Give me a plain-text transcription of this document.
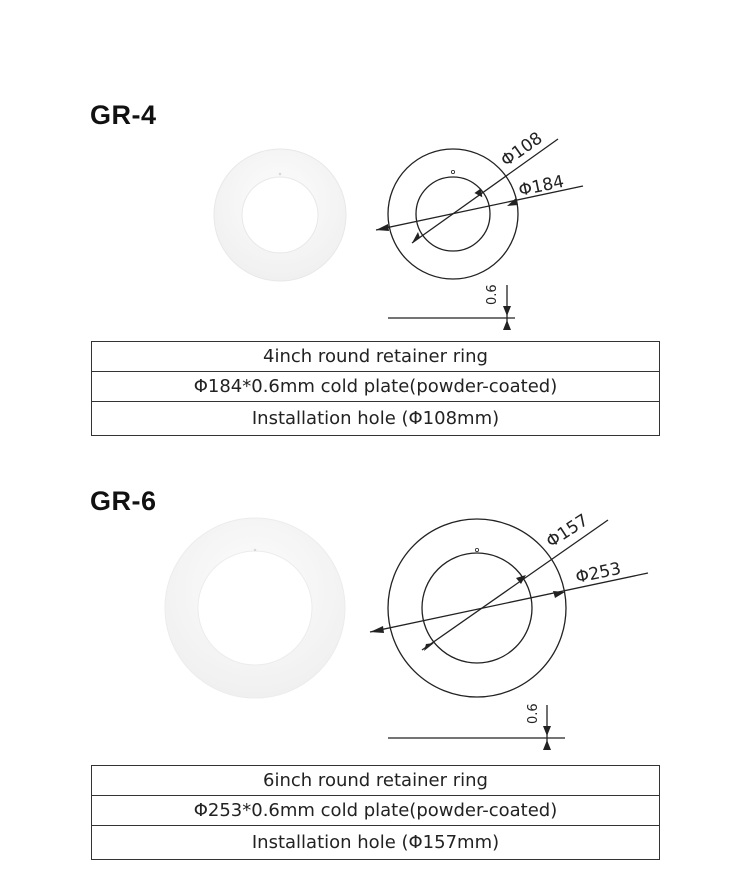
Φ108
Φ184
0.6
Φ157
Φ253
0.6
GR-4
4inch round retainer ring
Φ184*0.6mm cold plate(powder-coated)
Installation hole (Φ108mm)
GR-6
6inch round retainer ring
Φ253*0.6mm cold plate(powder-coated)
Installation hole (Φ157mm)
